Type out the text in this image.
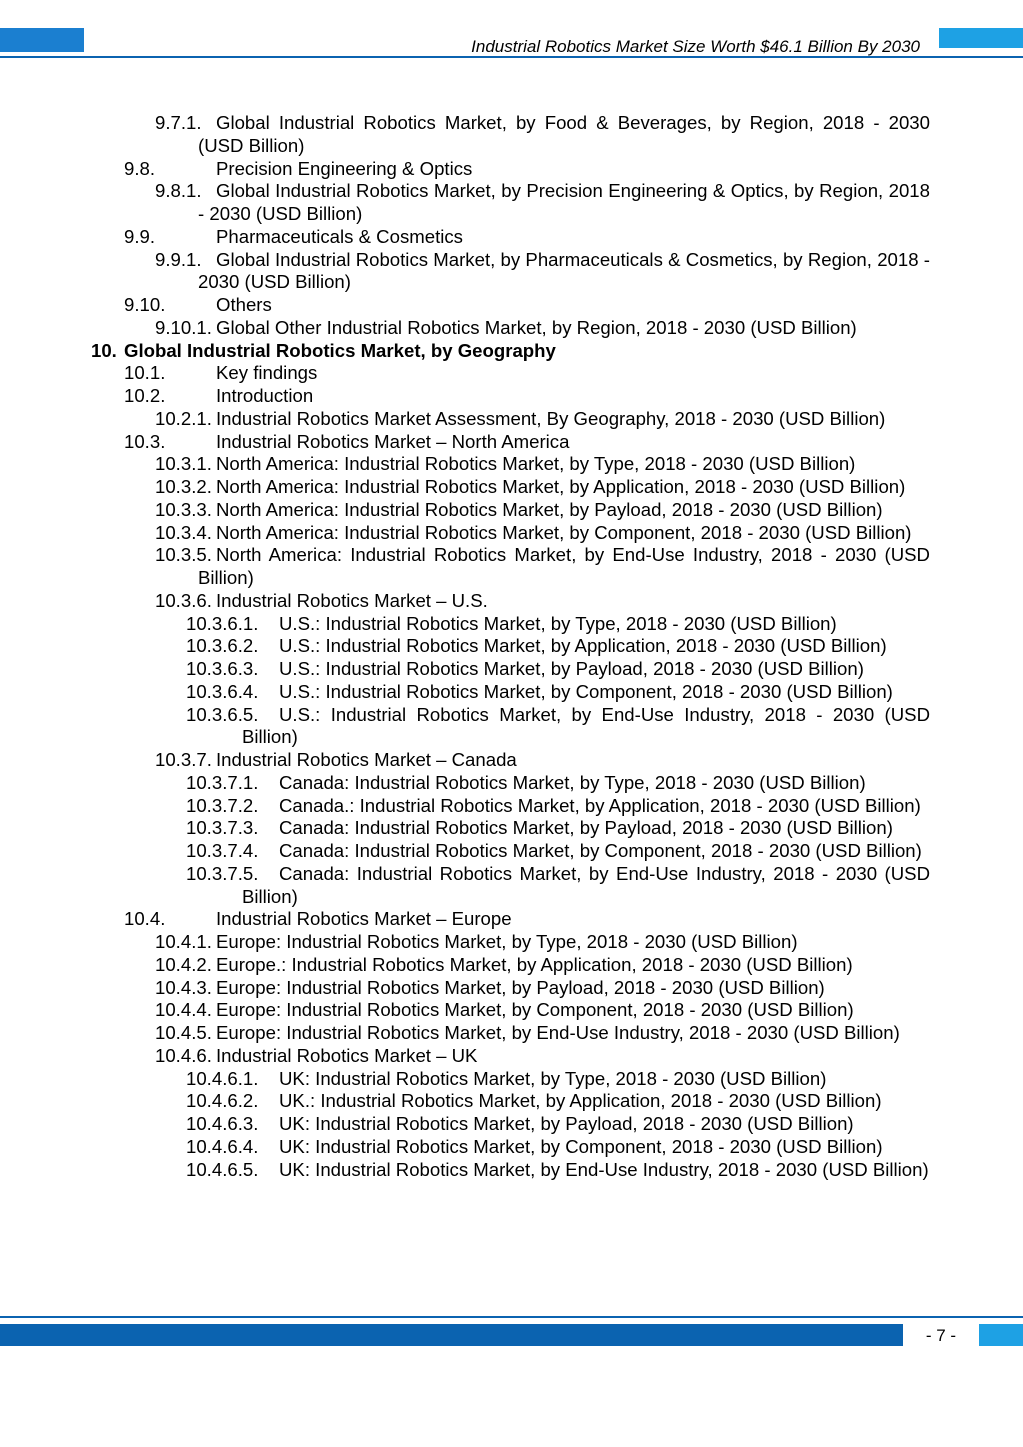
Industrial Robotics Market Size Worth $46.1 Billion By 2030
9.7.1. Global Industrial Robotics Market, by Food & Beverages, by Region, 2018 - 2030 (USD Billion)
9.8.	Precision Engineering & Optics
9.8.1. Global Industrial Robotics Market, by Precision Engineering & Optics, by Region, 2018 - 2030 (USD Billion)
9.9.	Pharmaceuticals & Cosmetics
9.9.1. Global Industrial Robotics Market, by Pharmaceuticals & Cosmetics, by Region, 2018 - 2030 (USD Billion)
9.10.	Others
9.10.1. Global Other Industrial Robotics Market, by Region, 2018 - 2030 (USD Billion)
10. Global Industrial Robotics Market, by Geography
10.1.	Key findings
10.2.	Introduction
10.2.1. Industrial Robotics Market Assessment, By Geography, 2018 - 2030 (USD Billion)
10.3.	Industrial Robotics Market – North America
10.3.1. North America: Industrial Robotics Market, by Type, 2018 - 2030 (USD Billion)
10.3.2. North America: Industrial Robotics Market, by Application, 2018 - 2030 (USD Billion)
10.3.3. North America: Industrial Robotics Market, by Payload, 2018 - 2030 (USD Billion)
10.3.4. North America: Industrial Robotics Market, by Component, 2018 - 2030 (USD Billion)
10.3.5. North America: Industrial Robotics Market, by End-Use Industry, 2018 - 2030 (USD Billion)
10.3.6. Industrial Robotics Market – U.S.
10.3.6.1. U.S.: Industrial Robotics Market, by Type, 2018 - 2030 (USD Billion)
10.3.6.2. U.S.: Industrial Robotics Market, by Application, 2018 - 2030 (USD Billion)
10.3.6.3. U.S.: Industrial Robotics Market, by Payload, 2018 - 2030 (USD Billion)
10.3.6.4. U.S.: Industrial Robotics Market, by Component, 2018 - 2030 (USD Billion)
10.3.6.5. U.S.: Industrial Robotics Market, by End-Use Industry, 2018 - 2030 (USD Billion)
10.3.7. Industrial Robotics Market – Canada
10.3.7.1. Canada: Industrial Robotics Market, by Type, 2018 - 2030 (USD Billion)
10.3.7.2. Canada.: Industrial Robotics Market, by Application, 2018 - 2030 (USD Billion)
10.3.7.3. Canada: Industrial Robotics Market, by Payload, 2018 - 2030 (USD Billion)
10.3.7.4. Canada: Industrial Robotics Market, by Component, 2018 - 2030 (USD Billion)
10.3.7.5. Canada: Industrial Robotics Market, by End-Use Industry, 2018 - 2030 (USD Billion)
10.4.	Industrial Robotics Market – Europe
10.4.1. Europe: Industrial Robotics Market, by Type, 2018 - 2030 (USD Billion)
10.4.2. Europe.: Industrial Robotics Market, by Application, 2018 - 2030 (USD Billion)
10.4.3. Europe: Industrial Robotics Market, by Payload, 2018 - 2030 (USD Billion)
10.4.4. Europe: Industrial Robotics Market, by Component, 2018 - 2030 (USD Billion)
10.4.5. Europe: Industrial Robotics Market, by End-Use Industry, 2018 - 2030 (USD Billion)
10.4.6. Industrial Robotics Market – UK
10.4.6.1. UK: Industrial Robotics Market, by Type, 2018 - 2030 (USD Billion)
10.4.6.2. UK.: Industrial Robotics Market, by Application, 2018 - 2030 (USD Billion)
10.4.6.3. UK: Industrial Robotics Market, by Payload, 2018 - 2030 (USD Billion)
10.4.6.4. UK: Industrial Robotics Market, by Component, 2018 - 2030 (USD Billion)
10.4.6.5. UK: Industrial Robotics Market, by End-Use Industry, 2018 - 2030 (USD Billion)
- 7 -
